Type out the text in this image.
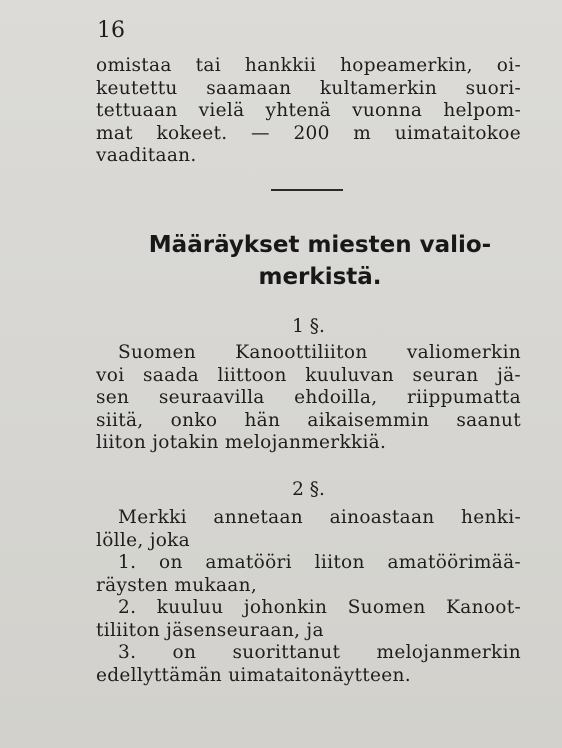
16
omistaa tai hankkii hopeamerkin, oi-
keutettu saamaan kultamerkin suori-
tettuaan vielä yhtenä vuonna helpom-
mat kokeet. — 200 m uimataitokoe
vaaditaan.
Määräykset miesten valio-
merkistä.
1 §.
Suomen Kanoottiliiton valiomerkin
voi saada liittoon kuuluvan seuran jä-
sen seuraavilla ehdoilla, riippumatta
siitä, onko hän aikaisemmin saanut
liiton jotakin melojanmerkkiä.
2 §.
Merkki annetaan ainoastaan henki-
lölle, joka
1. on amatööri liiton amatöörimää-
räysten mukaan,
2. kuuluu johonkin Suomen Kanoot-
tiliiton jäsenseuraan, ja
3. on suorittanut melojanmerkin
edellyttämän uimataitonäytteen.
